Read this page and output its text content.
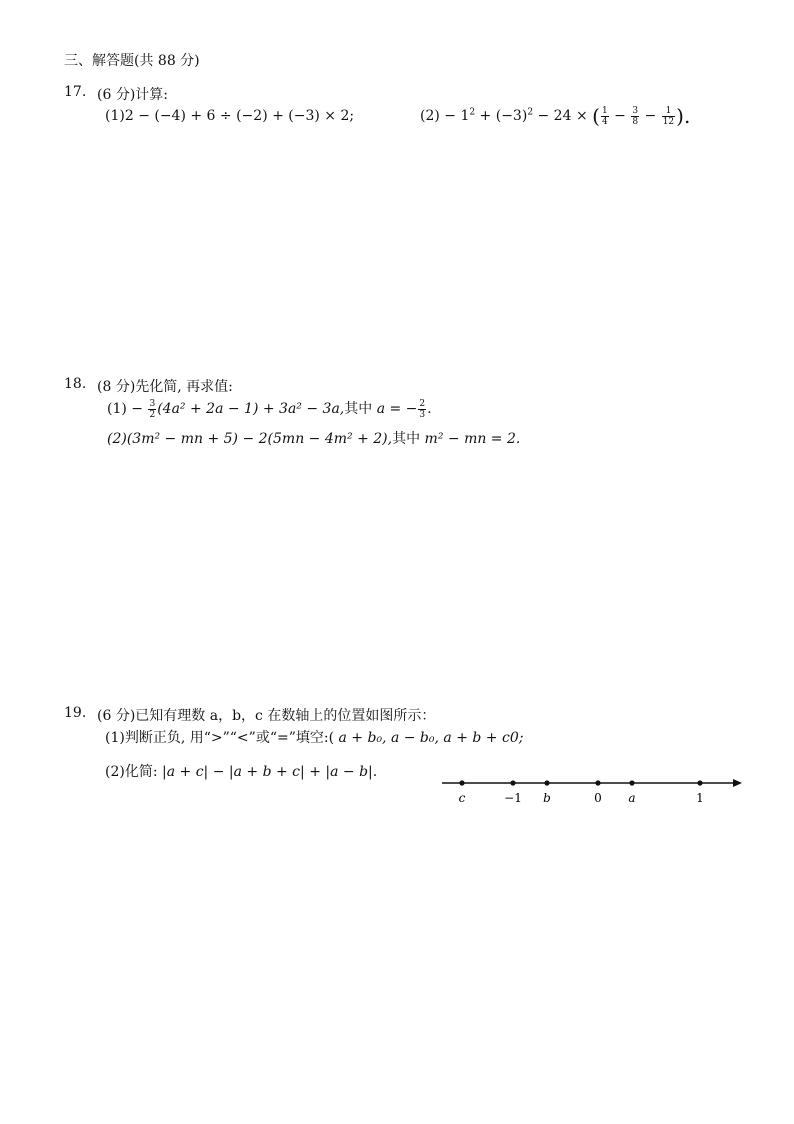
三、解答题(共 88 分)
17. (6 分)计算:
(1)2 − (−4) + 6 ÷ (−2) + (−3) × 2;	$(2) - 1^2 + (-3)^2 - 24$ × ( $\frac{1}{4} - \frac{3}{8} - \frac{1}{12}$ ).
18. (8 分)先化简, 再求值:
$(1) - \frac{3}{2} (4a^2 + 2a - 1) + 3a^2 - 3a$,其中 a = − $\frac{2}{3}$ .
(2)(3m² − mn + 5) − 2(5mn − 4m² + 2),其中 m² − mn = 2.
19. (6 分)已知有理数 a，b，c 在数轴上的位置如图所示：
(1)判断正负, 用“>”“<”或“=”填空:( a + b₀, a − b₀, a + b + c0;
(2)化简: |a + c| − |a + b + c| + |a − b|.
c	−1 b	0 a	1
